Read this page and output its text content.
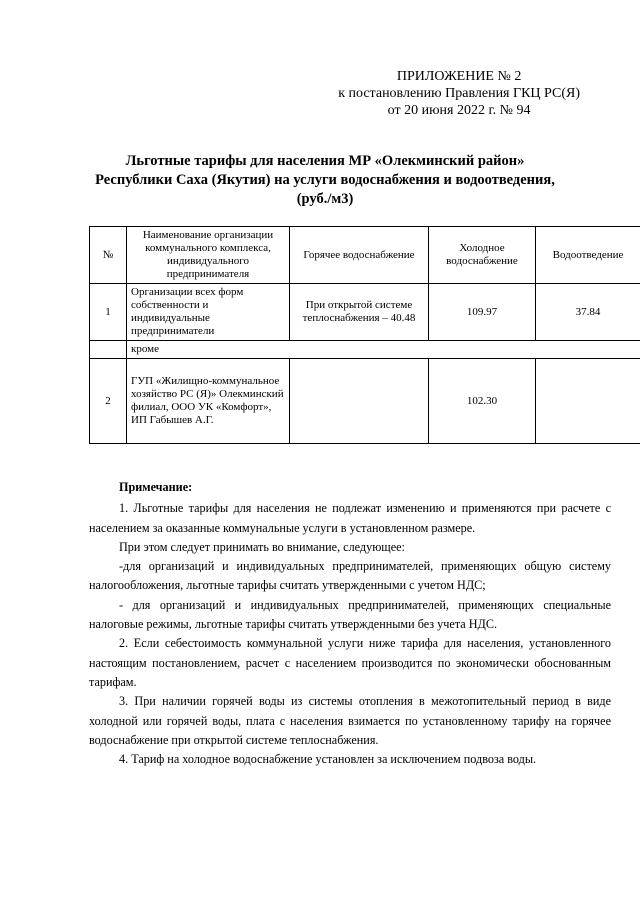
ПРИЛОЖЕНИЕ № 2
к постановлению Правления ГКЦ РС(Я)
от 20 июня 2022 г. № 94
Льготные тарифы для населения МР «Олекминский район»
Республики Саха (Якутия) на услуги водоснабжения и водоотведения,
(руб./м3)
№	Наименование организации коммунального комплекса, индивидуального предпринимателя	Горячее водоснабжение	Холодное водоснабжение	Водоотведение
1	Организации всех форм собственности и индивидуальные предприниматели	При открытой системе теплоснабжения – 40.48	109.97	37.84
	кроме			
2	ГУП «Жилищно-коммунальное хозяйство РС (Я)» Олекминский филиал, ООО УК «Комфорт», ИП Габышев А.Г.		102.30	

Примечание:

1. Льготные тарифы для населения не подлежат изменению и применяются при расчете с населением за оказанные коммунальные услуги в установленном размере.

При этом следует принимать во внимание, следующее:

-для организаций и индивидуальных предпринимателей, применяющих общую систему налогообложения, льготные тарифы считать утвержденными с учетом НДС;

- для организаций и индивидуальных предпринимателей, применяющих специальные налоговые режимы, льготные тарифы считать утвержденными без учета НДС.

2. Если себестоимость коммунальной услуги ниже тарифа для населения, установленного настоящим постановлением, расчет с населением производится по экономически обоснованным тарифам.

3. При наличии горячей воды из системы отопления в межотопительный период в виде холодной или горячей воды, плата с населения взимается по установленному тарифу на горячее водоснабжение при открытой системе теплоснабжения.

4. Тариф на холодное водоснабжение установлен за исключением подвоза воды.
